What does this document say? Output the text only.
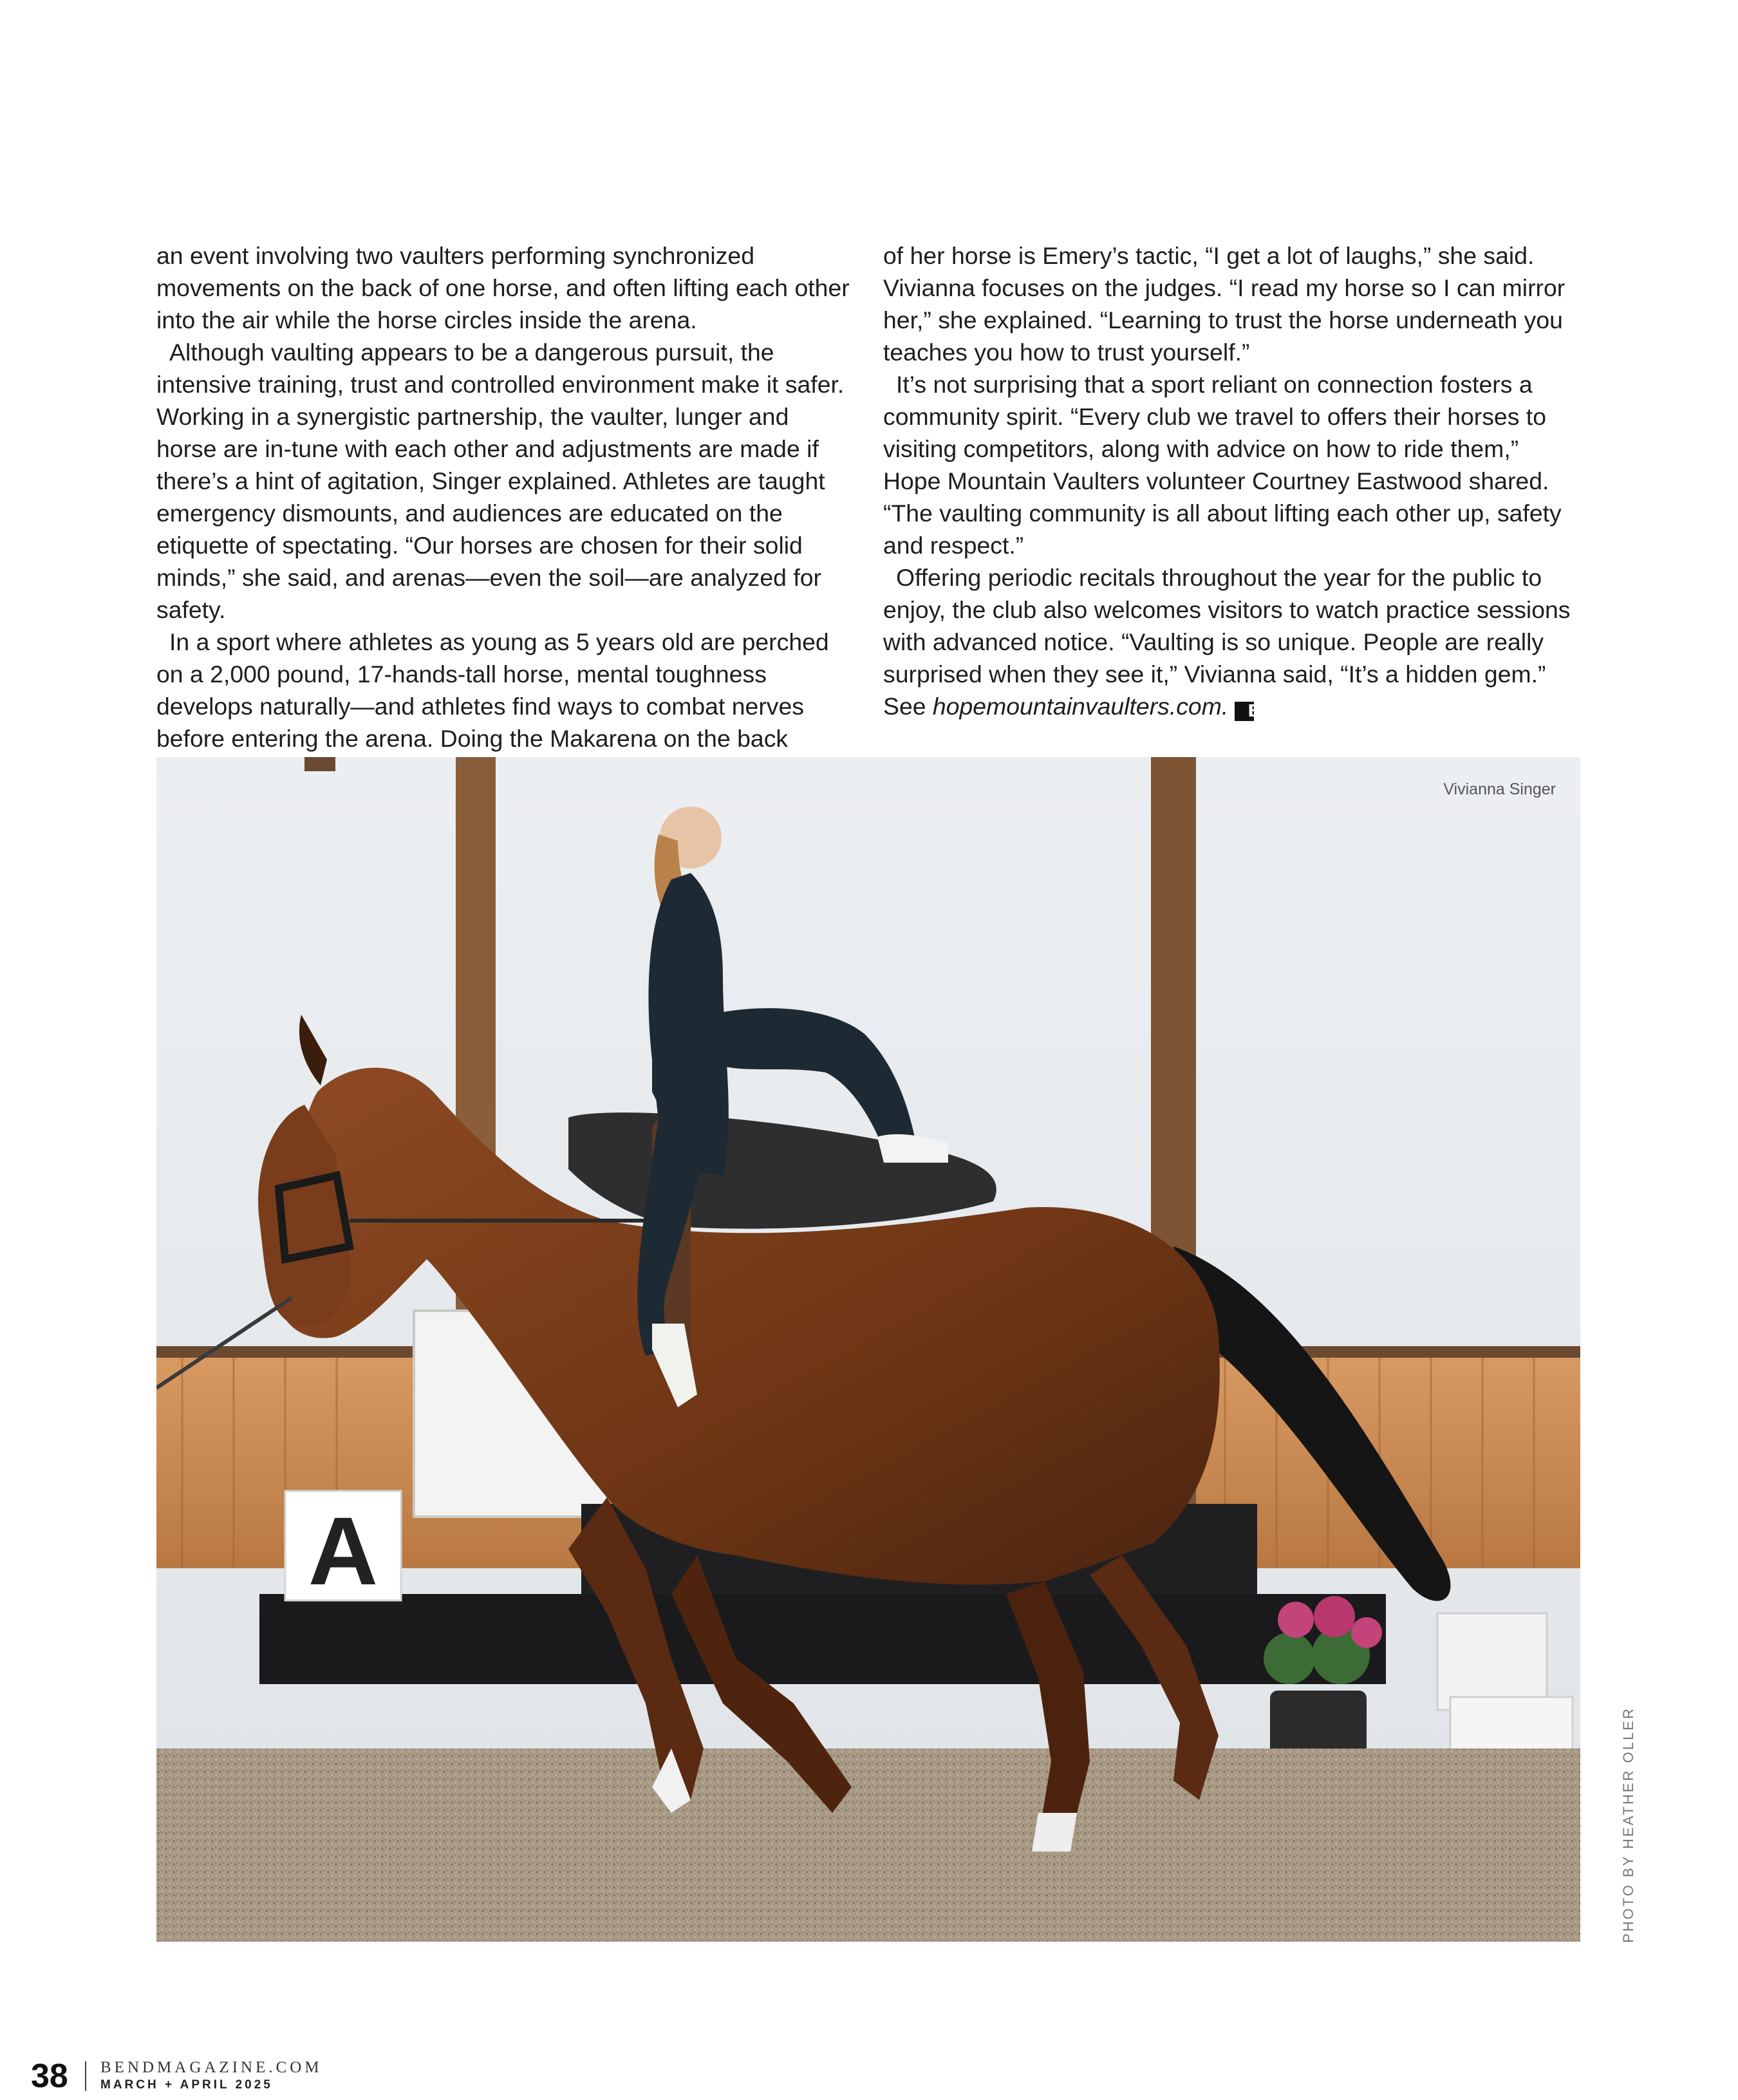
an event involving two vaulters performing synchronized movements on the back of one horse, and often lifting each other into the air while the horse circles inside the arena.

Although vaulting appears to be a dangerous pursuit, the intensive training, trust and controlled environment make it safer. Working in a synergistic partnership, the vaulter, lunger and horse are in-tune with each other and adjustments are made if there’s a hint of agitation, Singer explained. Athletes are taught emergency dismounts, and audiences are educated on the etiquette of spectating. “Our horses are chosen for their solid minds,” she said, and arenas—even the soil—are analyzed for safety.

In a sport where athletes as young as 5 years old are perched on a 2,000 pound, 17-hands-tall horse, mental toughness develops naturally—and athletes find ways to combat nerves before entering the arena. Doing the Makarena on the back

of her horse is Emery’s tactic, “I get a lot of laughs,” she said. Vivianna focuses on the judges. “I read my horse so I can mirror her,” she explained. “Learning to trust the horse underneath you teaches you how to trust yourself.”

It’s not surprising that a sport reliant on connection fosters a community spirit. “Every club we travel to offers their horses to visiting competitors, along with advice on how to ride them,” Hope Mountain Vaulters volunteer Courtney Eastwood shared. “The vaulting community is all about lifting each other up, safety and respect.”

Offering periodic recitals throughout the year for the public to enjoy, the club also welcomes visitors to watch practice sessions with advanced notice. “Vaulting is so unique. People are really surprised when they see it,” Vivianna said, “It’s a hidden gem.” See hopemountainvaulters.com. B

A
Vivianna Singer
PHOTO BY HEATHER OLLER
38 BENDMAGAZINE.COM
MARCH + APRIL 2025
